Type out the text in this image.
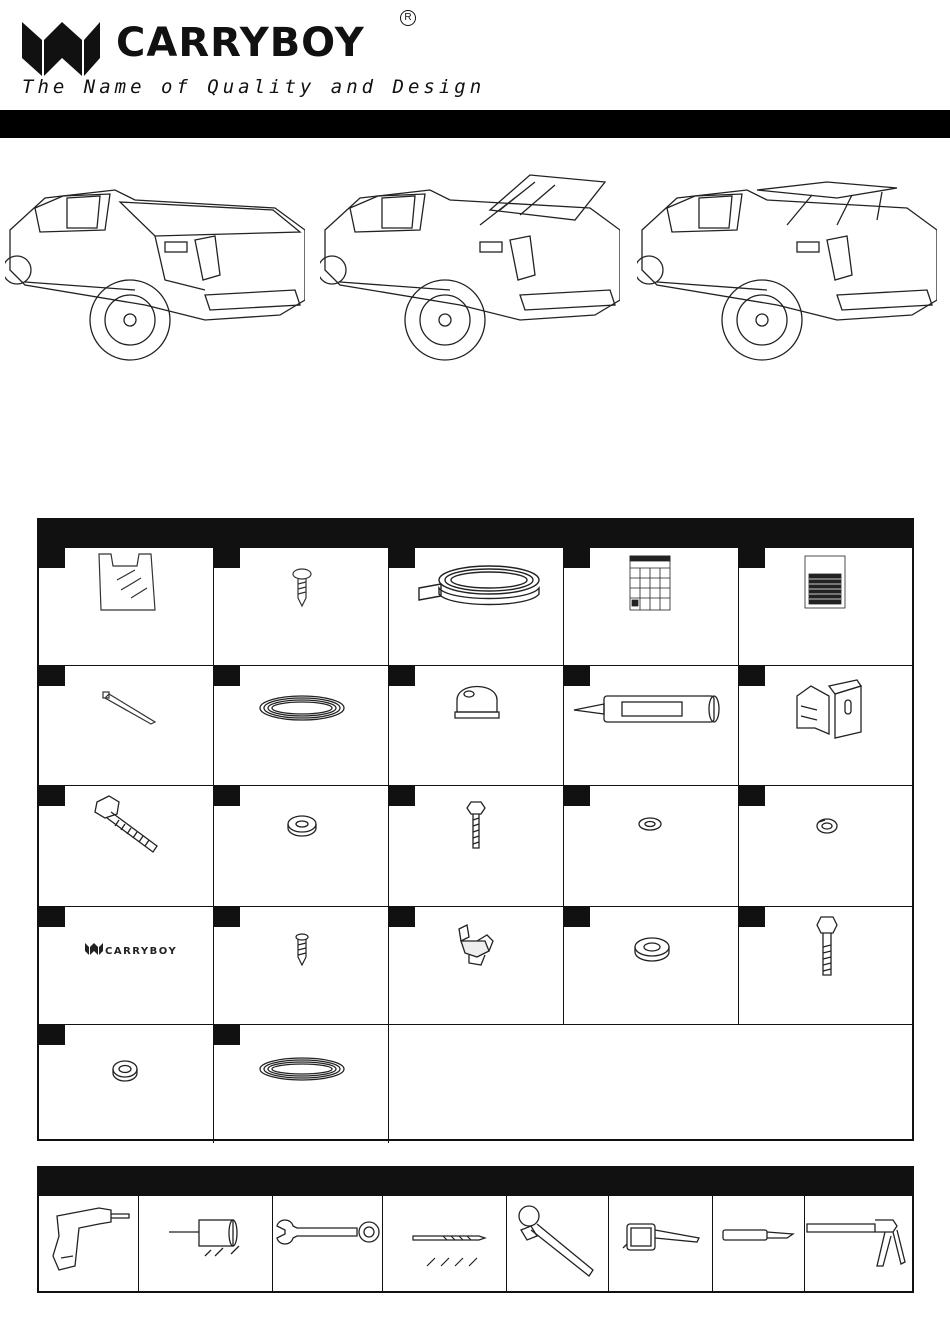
CARRYBOY
R
The Name of Quality and Design
CARRYBOY
